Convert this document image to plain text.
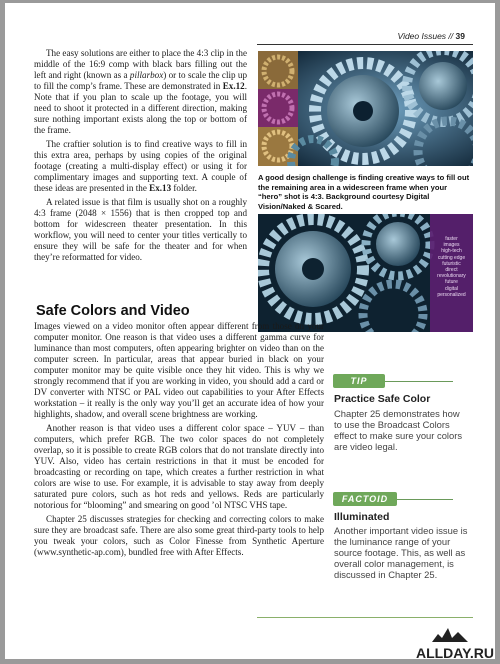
Video Issues // 39

The easy solutions are either to place the 4:3 clip in the middle of the 16:9 comp with black bars filling out the left and right (known as a pillarbox) or to scale the clip up to fill the comp’s frame. These are demonstrated in Ex.12. Note that if you plan to scale up the footage, you will need to shoot it protected in a different direction, making sure nothing important exists along the top or bottom of the frame.

The craftier solution is to find creative ways to fill in this extra area, perhaps by using copies of the original footage (creating a multi-display effect) or using it for complimentary images and supporting text. A couple of these ideas are presented in the Ex.13 folder.

A related issue is that film is usually shot on a roughly 4:3 frame (2048 × 1556) that is then cropped top and bottom for widescreen theater presentation. In this workflow, you will need to center your titles vertically to ensure they will be safe for the theater and for when they’re reformatted for video.

A good design challenge is finding creative ways to fill out the remaining area in a widescreen frame when your “hero” shot is 4:3. Background courtesy Digital Vision/Naked & Scared.
faster
images
high-tech
cutting edge
futuristic
direct
revolutionary
future
digital
personalized
Safe Colors and Video

Images viewed on a video monitor often appear different from those on your computer monitor. One reason is that video uses a different gamma curve for luminance than most computers, often appearing brighter on video than on the computer screen. In particular, areas that appear buried in black on your computer monitor may be quite visible once they hit video. This is why we strongly recommend that if you are working in video, you should add a card or DV converter with NTSC or PAL video out capabilities to your After Effects workstation – it really is the only way you’ll get an accurate idea of how your highlights, shadow, and overall scene brightness are working.

Another reason is that video uses a different color space – YUV – than computers, which prefer RGB. The two color spaces do not completely overlap, so it is possible to create RGB colors that do not translate directly into YUV. Also, video has certain restrictions in that it must be encoded for broadcasting or recording on tape, which creates a further restriction in what colors are wise to use. For example, it is advisable to stay away from deeply saturated pure colors, such as hot reds and yellows. Reds are particularly notorious for “blooming” and smearing on good ’ol NTSC VHS tape.

Chapter 25 discusses strategies for checking and correcting colors to make sure they are broadcast safe. There are also some great third-party tools to help you tweak your colors, such as Color Finesse from Synthetic Aperture (www.synthetic-ap.com), bundled free with After Effects.

TIP
Practice Safe Color
Chapter 25 demonstrates how to use the Broadcast Colors effect to make sure your colors are video legal.
FACTOID
Illuminated
Another important video issue is the luminance range of your source footage. This, as well as overall color management, is discussed in Chapter 25.
ALLDAY.RU
